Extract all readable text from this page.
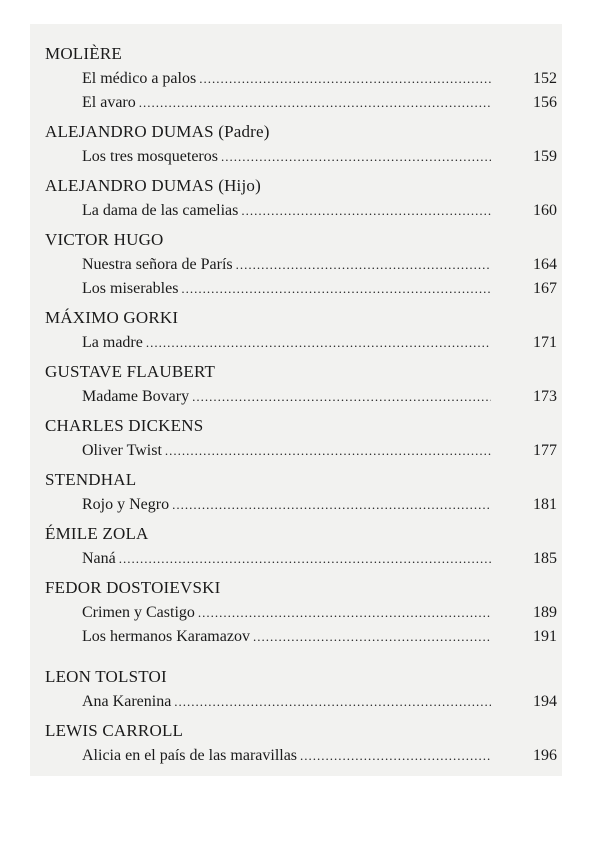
MOLIÈRE
El médico a palos .....	152
El avaro .....	156
ALEJANDRO DUMAS (Padre)
Los tres mosqueteros .....	159
ALEJANDRO DUMAS (Hijo)
La dama de las camelias .....	160
VICTOR HUGO
Nuestra señora de París .....	164
Los miserables .....	167
MÁXIMO GORKI
La madre .....	171
GUSTAVE FLAUBERT
Madame Bovary .....	173
CHARLES DICKENS
Oliver Twist .....	177
STENDHAL
Rojo y Negro .....	181
ÉMILE ZOLA
Naná .....	185
FEDOR DOSTOIEVSKI
Crimen y Castigo .....	189
Los hermanos Karamazov .....	191
LEON TOLSTOI
Ana Karenina .....	194
LEWIS CARROLL
Alicia en el país de las maravillas .....	196
